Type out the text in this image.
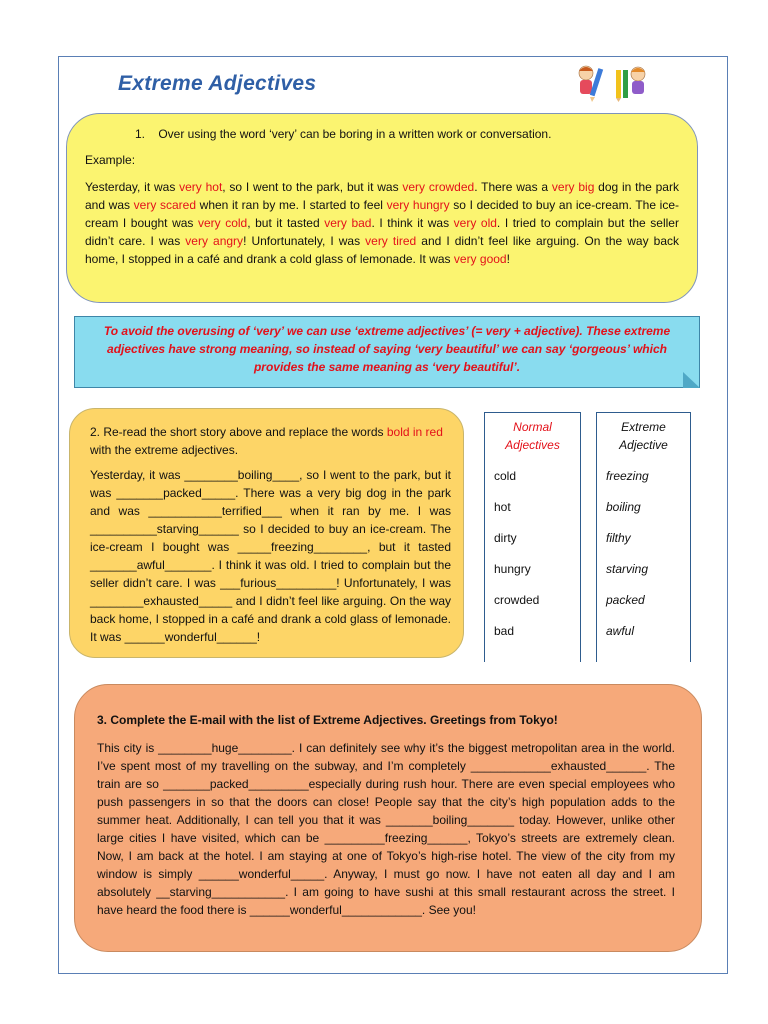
Extreme Adjectives
1.    Over using the word ‘very’ can be boring in a written work or conversation.
Example:
Yesterday, it was very hot, so I went to the park, but it was very crowded. There was a very big dog in the park and was very scared when it ran by me. I started to feel very hungry so I decided to buy an ice-cream. The ice-cream I bought was very cold, but it tasted very bad. I think it was very old. I tried to complain but the seller didn’t care. I was very angry! Unfortunately, I was very tired and I didn’t feel like arguing. On the way back home, I stopped in a café and drank a cold glass of lemonade. It was very good!
To avoid the overusing of ‘very’ we can use ‘extreme adjectives’ (= very + adjective). These extreme adjectives have strong meaning, so instead of saying ‘very beautiful’ we can say ‘gorgeous’ which provides the same meaning as ‘very beautiful’.
2. Re-read the short story above and replace the words bold in red with the extreme adjectives.
Yesterday, it was ________boiling____, so I went to the park, but it was _______packed_____. There was a very big dog in the park and was ___________terrified___ when it ran by me. I was __________starving______ so I decided to buy an ice-cream. The ice-cream I bought was _____freezing________, but it tasted _______awful_______. I think it was old. I tried to complain but the seller didn’t care. I was ___furious_________! Unfortunately, I was ________exhausted_____ and I didn’t feel like arguing. On the way back home, I stopped in a café and drank a cold glass of lemonade. It was ______wonderful______!
Normal Adjectives
cold
hot
dirty
hungry
crowded
bad
Extreme Adjective
freezing
boiling
filthy
starving
packed
awful
3. Complete the E-mail with the list of Extreme Adjectives. Greetings from Tokyo!
This city is ________huge________. I can definitely see why it’s the biggest metropolitan area in the world. I’ve spent most of my travelling on the subway, and I’m completely ____________exhausted______. The train are so _______packed_________especially during rush hour. There are even special employees who push passengers in so that the doors can close! People say that the city’s high population adds to the summer heat. Additionally, I can tell you that it was _______boiling_______ today. However, unlike other large cities I have visited, which can be _________freezing______, Tokyo’s streets are extremely clean. Now, I am back at the hotel. I am staying at one of Tokyo’s high-rise hotel. The view of the city from my window is simply ______wonderful_____. Anyway, I must go now. I have not eaten all day and I am absolutely __starving___________. I am going to have sushi at this small restaurant across the street. I have heard the food there is ______wonderful____________. See you!
